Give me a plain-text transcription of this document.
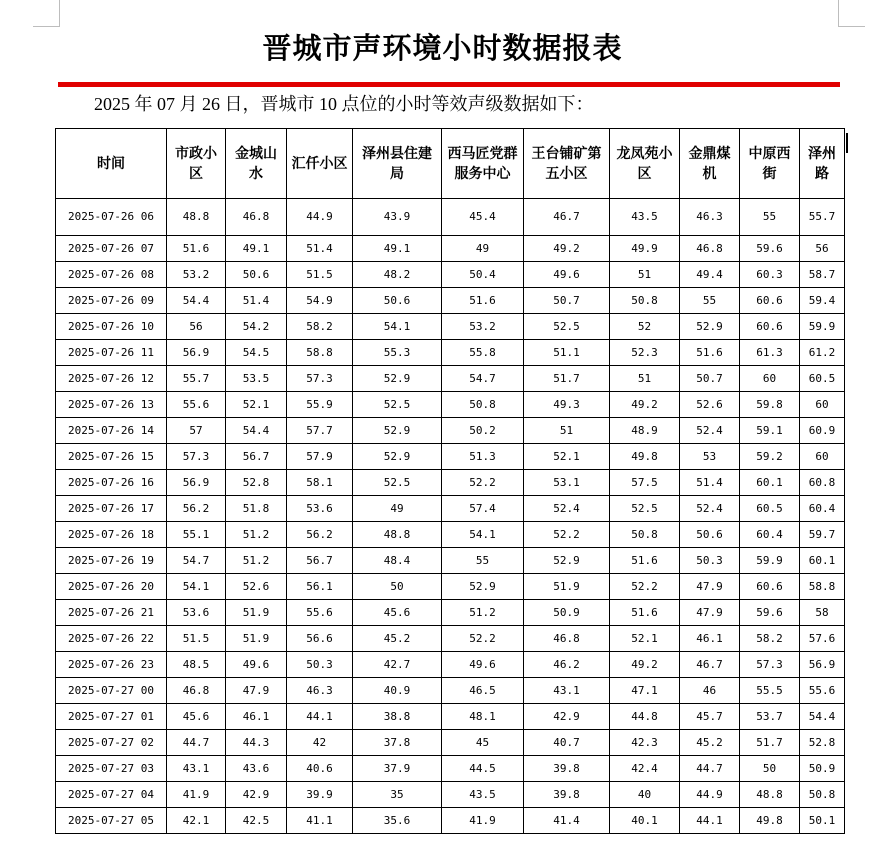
晋城市声环境小时数据报表
2025 年 07 月 26 日，晋城市 10 点位的小时等效声级数据如下：
时间	市政小区	金城山水	汇仟小区	泽州县住建局	西马匠党群服务中心	王台铺矿第五小区	龙凤苑小区	金鼎煤机	中原西街	泽州路
2025-07-26 06	48.8	46.8	44.9	43.9	45.4	46.7	43.5	46.3	55	55.7
2025-07-26 07	51.6	49.1	51.4	49.1	49	49.2	49.9	46.8	59.6	56
2025-07-26 08	53.2	50.6	51.5	48.2	50.4	49.6	51	49.4	60.3	58.7
2025-07-26 09	54.4	51.4	54.9	50.6	51.6	50.7	50.8	55	60.6	59.4
2025-07-26 10	56	54.2	58.2	54.1	53.2	52.5	52	52.9	60.6	59.9
2025-07-26 11	56.9	54.5	58.8	55.3	55.8	51.1	52.3	51.6	61.3	61.2
2025-07-26 12	55.7	53.5	57.3	52.9	54.7	51.7	51	50.7	60	60.5
2025-07-26 13	55.6	52.1	55.9	52.5	50.8	49.3	49.2	52.6	59.8	60
2025-07-26 14	57	54.4	57.7	52.9	50.2	51	48.9	52.4	59.1	60.9
2025-07-26 15	57.3	56.7	57.9	52.9	51.3	52.1	49.8	53	59.2	60
2025-07-26 16	56.9	52.8	58.1	52.5	52.2	53.1	57.5	51.4	60.1	60.8
2025-07-26 17	56.2	51.8	53.6	49	57.4	52.4	52.5	52.4	60.5	60.4
2025-07-26 18	55.1	51.2	56.2	48.8	54.1	52.2	50.8	50.6	60.4	59.7
2025-07-26 19	54.7	51.2	56.7	48.4	55	52.9	51.6	50.3	59.9	60.1
2025-07-26 20	54.1	52.6	56.1	50	52.9	51.9	52.2	47.9	60.6	58.8
2025-07-26 21	53.6	51.9	55.6	45.6	51.2	50.9	51.6	47.9	59.6	58
2025-07-26 22	51.5	51.9	56.6	45.2	52.2	46.8	52.1	46.1	58.2	57.6
2025-07-26 23	48.5	49.6	50.3	42.7	49.6	46.2	49.2	46.7	57.3	56.9
2025-07-27 00	46.8	47.9	46.3	40.9	46.5	43.1	47.1	46	55.5	55.6
2025-07-27 01	45.6	46.1	44.1	38.8	48.1	42.9	44.8	45.7	53.7	54.4
2025-07-27 02	44.7	44.3	42	37.8	45	40.7	42.3	45.2	51.7	52.8
2025-07-27 03	43.1	43.6	40.6	37.9	44.5	39.8	42.4	44.7	50	50.9
2025-07-27 04	41.9	42.9	39.9	35	43.5	39.8	40	44.9	48.8	50.8
2025-07-27 05	42.1	42.5	41.1	35.6	41.9	41.4	40.1	44.1	49.8	50.1
